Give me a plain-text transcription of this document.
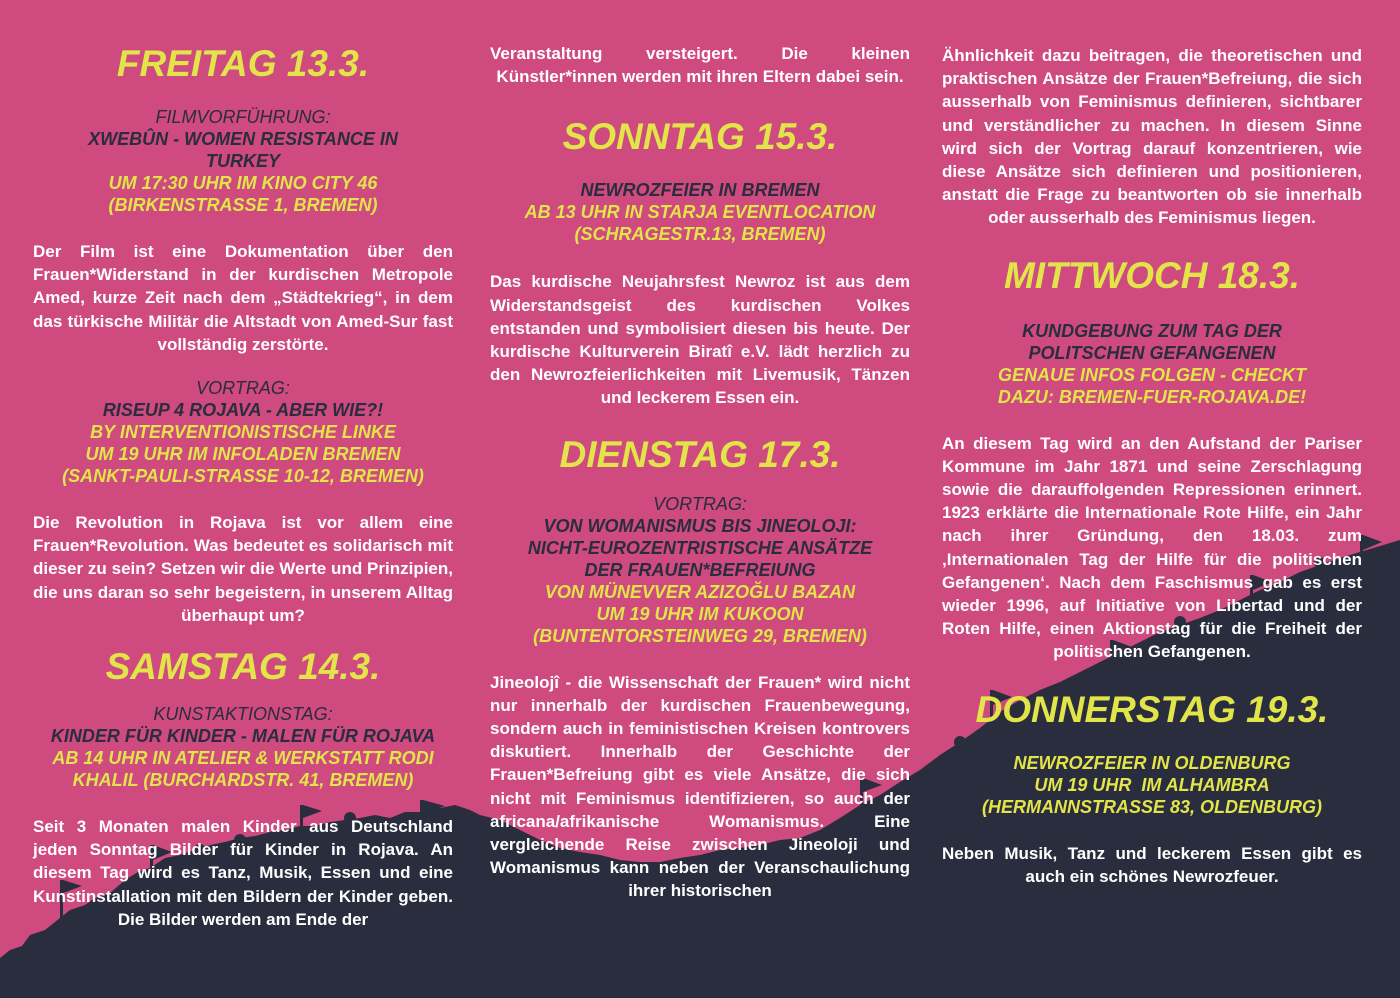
FREITAG 13.3.

FILMVORFÜHRUNG:

XWEBÛN - WOMEN RESISTANCE IN TURKEY

UM 17:30 UHR IM KINO CITY 46

(BIRKENSTRASSE 1, BREMEN)

Der Film ist eine Dokumentation über den Frauen*Widerstand in der kurdischen Metropole Amed, kurze Zeit nach dem „Städtekrieg“, in dem das türkische Militär die Altstadt von Amed-Sur fast vollständig zerstörte.

VORTRAG:

RISEUP 4 ROJAVA - ABER WIE?!

BY INTERVENTIONISTISCHE LINKE

UM 19 UHR IM INFOLADEN BREMEN

(SANKT-PAULI-STRASSE 10-12, BREMEN)

Die Revolution in Rojava ist vor allem eine Frauen*Revolution. Was bedeutet es solidarisch mit dieser zu sein? Setzen wir die Werte und Prinzipien, die uns daran so sehr begeistern, in unserem Alltag überhaupt um?

SAMSTAG 14.3.

KUNSTAKTIONSTAG:

KINDER FÜR KINDER - MALEN FÜR ROJAVA

AB 14 UHR IN ATELIER & WERKSTATT RODI KHALIL (BURCHARDSTR. 41, BREMEN)

Seit 3 Monaten malen Kinder aus Deutschland jeden Sonntag Bilder für Kinder in Rojava. An diesem Tag wird es Tanz, Musik, Essen und eine Kunstinstallation mit den Bildern der Kinder geben. Die Bilder werden am Ende der

Veranstaltung versteigert. Die kleinen Künstler*innen werden mit ihren Eltern dabei sein.

SONNTAG 15.3.

NEWROZFEIER IN BREMEN

AB 13 UHR IN STARJA EVENTLOCATION

(SCHRAGESTR.13, BREMEN)

Das kurdische Neujahrsfest Newroz ist aus dem Widerstandsgeist des kurdischen Volkes entstanden und symbolisiert diesen bis heute. Der kurdische Kulturverein Biratî e.V. lädt herzlich zu den Newrozfeierlichkeiten mit Livemusik, Tänzen und leckerem Essen ein.

DIENSTAG 17.3.

VORTRAG:

VON WOMANISMUS BIS JINEOLOJI:

NICHT-EUROZENTRISTISCHE ANSÄTZE

DER FRAUEN*BEFREIUNG

VON MÜNEVVER AZIZOĞLU BAZAN

UM 19 UHR IM KUKOON

(BUNTENTORSTEINWEG 29, BREMEN)

Jineolojî - die Wissenschaft der Frauen* wird nicht nur innerhalb der kurdischen Frauenbewegung, sondern auch in feministischen Kreisen kontrovers diskutiert. Innerhalb der Geschichte der Frauen*Befreiung gibt es viele Ansätze, die sich nicht mit Feminismus identifizieren, so auch der africana/afrikanische Womanismus. Eine vergleichende Reise zwischen Jineoloji und Womanismus kann neben der Veranschaulichung ihrer historischen

Ähnlichkeit dazu beitragen, die theoretischen und praktischen Ansätze der Frauen*Befreiung, die sich ausserhalb von Feminismus definieren, sichtbarer und verständlicher zu machen. In diesem Sinne wird sich der Vortrag darauf konzentrieren, wie diese Ansätze sich definieren und positionieren, anstatt die Frage zu beantworten ob sie innerhalb oder ausserhalb des Feminismus liegen.

MITTWOCH 18.3.

KUNDGEBUNG ZUM TAG DER

POLITSCHEN GEFANGENEN

GENAUE INFOS FOLGEN - CHECKT

DAZU: BREMEN-FUER-ROJAVA.DE!

An diesem Tag wird an den Aufstand der Pariser Kommune im Jahr 1871 und seine Zerschlagung sowie die darauffolgenden Repressionen erinnert. 1923 erklärte die Internationale Rote Hilfe, ein Jahr nach ihrer Gründung, den 18.03. zum ‚Internationalen Tag der Hilfe für die politischen Gefangenen‘. Nach dem Faschismus gab es erst wieder 1996, auf Initiative von Libertad und der Roten Hilfe, einen Aktionstag für die Freiheit der politischen Gefangenen.

DONNERSTAG 19.3.

NEWROZFEIER IN OLDENBURG

UM 19 UHR  IM ALHAMBRA

(HERMANNSTRASSE 83, OLDENBURG)

Neben Musik, Tanz und leckerem Essen gibt es auch ein schönes Newrozfeuer.
